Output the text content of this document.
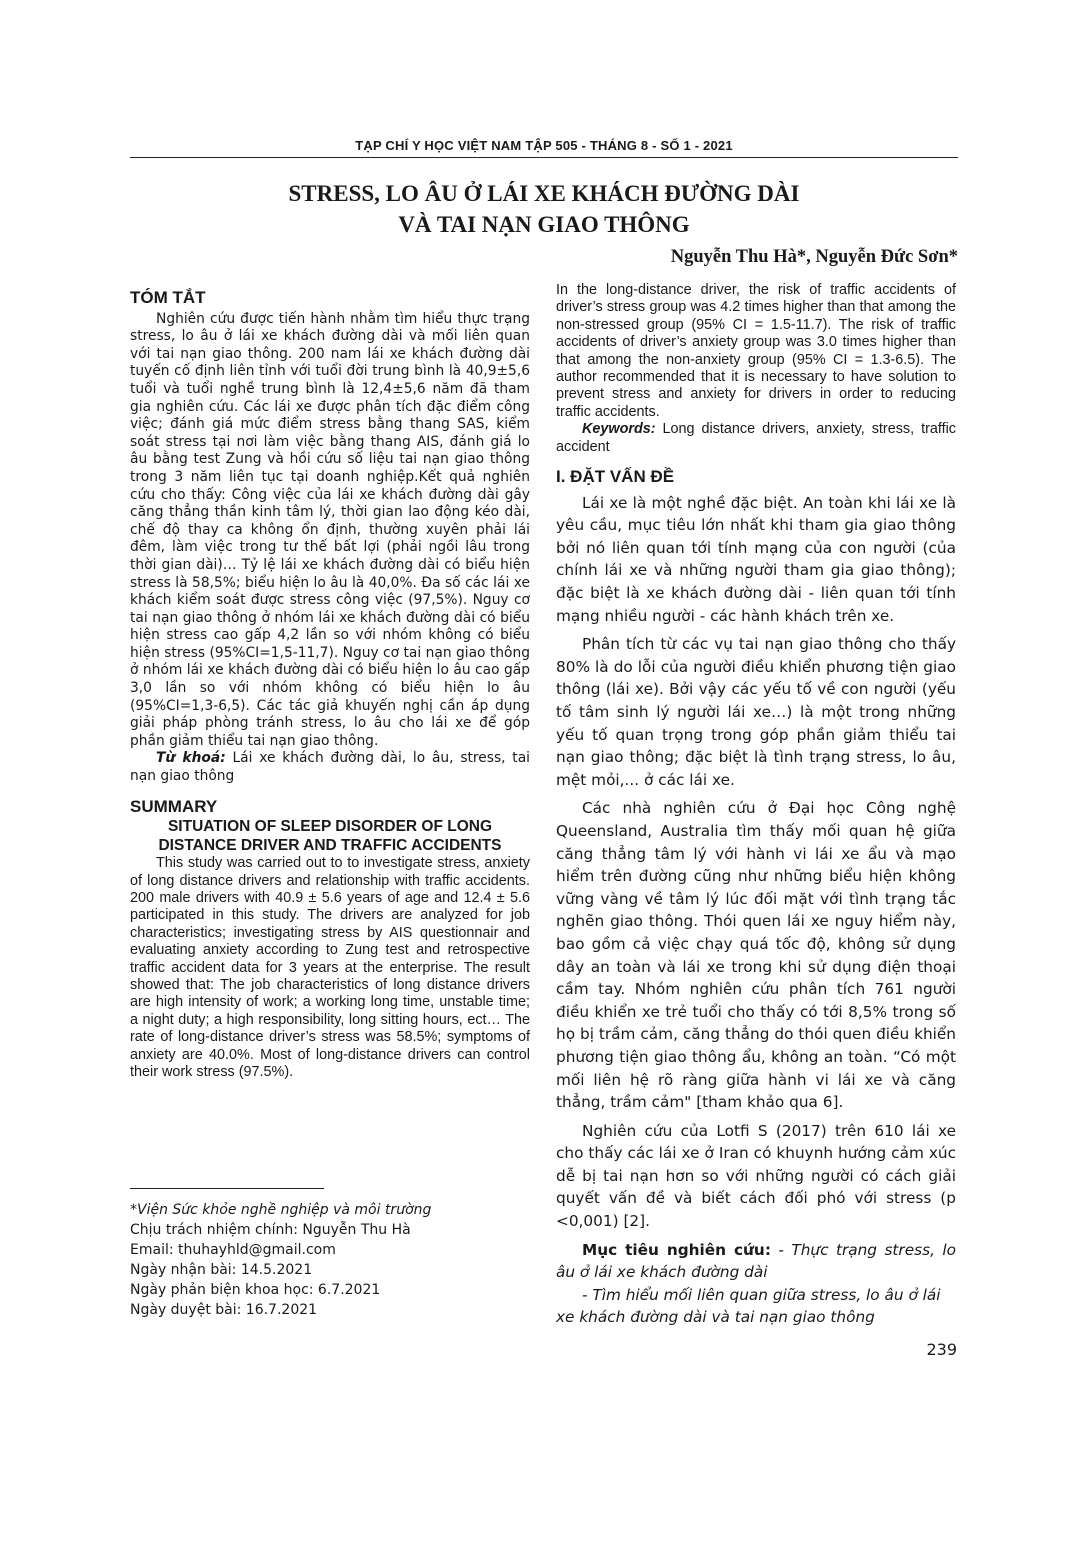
TẠP CHÍ Y HỌC VIỆT NAM TẬP 505 - THÁNG 8 - SỐ 1 - 2021
STRESS, LO ÂU Ở LÁI XE KHÁCH ĐƯỜNG DÀI
VÀ TAI NẠN GIAO THÔNG
Nguyễn Thu Hà*, Nguyễn Đức Sơn*
TÓM TẮT

Nghiên cứu được tiến hành nhằm tìm hiểu thực trạng stress, lo âu ở lái xe khách đường dài và mối liên quan với tai nạn giao thông. 200 nam lái xe khách đường dài tuyến cố định liên tỉnh với tuổi đời trung bình là 40,9±5,6 tuổi và tuổi nghề trung bình là 12,4±5,6 năm đã tham gia nghiên cứu. Các lái xe được phân tích đặc điểm công việc; đánh giá mức điểm stress bằng thang SAS, kiểm soát stress tại nơi làm việc bằng thang AIS, đánh giá lo âu bằng test Zung và hồi cứu số liệu tai nạn giao thông trong 3 năm liên tục tại doanh nghiệp.Kết quả nghiên cứu cho thấy: Công việc của lái xe khách đường dài gây căng thẳng thần kinh tâm lý, thời gian lao động kéo dài, chế độ thay ca không ổn định, thường xuyên phải lái đêm, làm việc trong tư thế bất lợi (phải ngồi lâu trong thời gian dài)… Tỷ lệ lái xe khách đường dài có biểu hiện stress là 58,5%; biểu hiện lo âu là 40,0%. Đa số các lái xe khách kiểm soát được stress công việc (97,5%). Nguy cơ tai nạn giao thông ở nhóm lái xe khách đường dài có biểu hiện stress cao gấp 4,2 lần so với nhóm không có biểu hiện stress (95%CI=1,5-11,7). Nguy cơ tai nạn giao thông ở nhóm lái xe khách đường dài có biểu hiện lo âu cao gấp 3,0 lần so với nhóm không có biểu hiện lo âu (95%CI=1,3-6,5). Các tác giả khuyến nghị cần áp dụng giải pháp phòng tránh stress, lo âu cho lái xe để góp phần giảm thiểu tai nạn giao thông.

Từ khoá: Lái xe khách đường dài, lo âu, stress, tai nạn giao thông

SUMMARY
SITUATION OF SLEEP DISORDER OF LONG
DISTANCE DRIVER AND TRAFFIC ACCIDENTS

This study was carried out to to investigate stress, anxiety of long distance drivers and relationship with traffic accidents. 200 male drivers with 40.9 ± 5.6 years of age and 12.4 ± 5.6 participated in this study. The drivers are analyzed for job characteristics; investigating stress by AIS questionnair and evaluating anxiety according to Zung test and retrospective traffic accident data for 3 years at the enterprise. The result showed that: The job characteristics of long distance drivers are high intensity of work; a working long time, unstable time; a night duty; a high responsibility, long sitting hours, ect… The rate of long-distance driver’s stress was 58.5%; symptoms of anxiety are 40.0%. Most of long-distance drivers can control their work stress (97.5%).

In the long-distance driver, the risk of traffic accidents of driver’s stress group was 4.2 times higher than that among the non-stressed group (95% CI = 1.5-11.7). The risk of traffic accidents of driver’s anxiety group was 3.0 times higher than that among the non-anxiety group (95% CI = 1.3-6.5). The author recommended that it is necessary to have solution to prevent stress and anxiety for drivers in order to reducing traffic accidents.

Keywords: Long distance drivers, anxiety, stress, traffic accident

I. ĐẶT VẤN ĐỀ

Lái xe là một nghề đặc biệt. An toàn khi lái xe là yêu cầu, mục tiêu lớn nhất khi tham gia giao thông bởi nó liên quan tới tính mạng của con người (của chính lái xe và những người tham gia giao thông); đặc biệt là xe khách đường dài - liên quan tới tính mạng nhiều người - các hành khách trên xe.

Phân tích từ các vụ tai nạn giao thông cho thấy 80% là do lỗi của người điều khiển phương tiện giao thông (lái xe). Bởi vậy các yếu tố về con người (yếu tố tâm sinh lý người lái xe…) là một trong những yếu tố quan trọng trong góp phần giảm thiểu tai nạn giao thông; đặc biệt là tình trạng stress, lo âu, mệt mỏi,... ở các lái xe.

Các nhà nghiên cứu ở Đại học Công nghệ Queensland, Australia tìm thấy mối quan hệ giữa căng thẳng tâm lý với hành vi lái xe ẩu và mạo hiểm trên đường cũng như những biểu hiện không vững vàng về tâm lý lúc đối mặt với tình trạng tắc nghẽn giao thông. Thói quen lái xe nguy hiểm này, bao gồm cả việc chạy quá tốc độ, không sử dụng dây an toàn và lái xe trong khi sử dụng điện thoại cầm tay. Nhóm nghiên cứu phân tích 761 người điều khiển xe trẻ tuổi cho thấy có tới 8,5% trong số họ bị trầm cảm, căng thẳng do thói quen điều khiển phương tiện giao thông ẩu, không an toàn. “Có một mối liên hệ rõ ràng giữa hành vi lái xe và căng thẳng, trầm cảm" [tham khảo qua 6].

Nghiên cứu của Lotfi S (2017) trên 610 lái xe cho thấy các lái xe ở Iran có khuynh hướng cảm xúc dễ bị tai nạn hơn so với những người có cách giải quyết vấn đề và biết cách đối phó với stress (p <0,001) [2].

Mục tiêu nghiên cứu: - Thực trạng stress, lo âu ở lái xe khách đường dài

- Tìm hiểu mối liên quan giữa stress, lo âu ở lái xe khách đường dài và tai nạn giao thông

*Viện Sức khỏe nghề nghiệp và môi trường
Chịu trách nhiệm chính: Nguyễn Thu Hà
Email: thuhayhld@gmail.com
Ngày nhận bài: 14.5.2021
Ngày phản biện khoa học: 6.7.2021
Ngày duyệt bài: 16.7.2021
239
